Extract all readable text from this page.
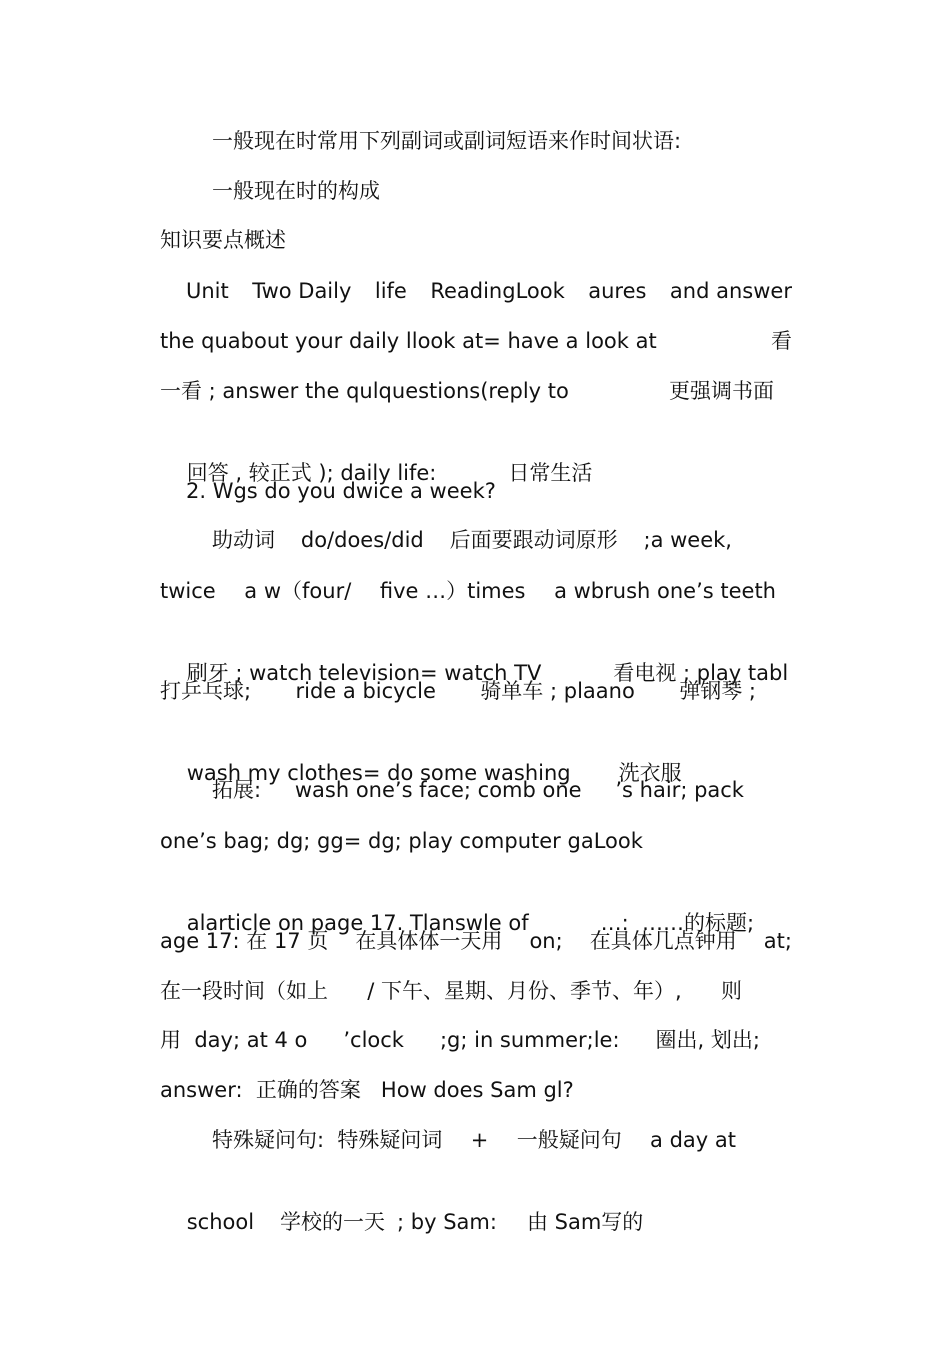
一般现在时常用下列副词或副词短语来作时间状语:
一般现在时的构成
知识要点概述
Unit Two Daily life ReadingLook aures and answer
the quabout your daily llook at= have a look at	看
一看 ; answer the qulquestions(reply to	更强调书面

回答 , 较正式 ); daily life:	日常生活

2. Wgs do you dwice a week?
助动词 do/does/did 后面要跟动词原形 ;a week,
twice a w（four/ five …）times a wbrush one’s teeth

刷牙 ; watch television= watch TV	看电视 ; play tabl

打乒乓球; ride a bicycle 骑单车 ; plaano 弹钢琴 ;

wash my clothes= do some washing 洗衣服

拓展: wash one’s face; comb one ’s hair; pack
one’s bag; dg; gg= dg; play computer gaLook

alarticle on page 17. Tlanswle of	…:  ……的标题;

age 17: 在 17 页 在具体体一天用 on; 在具体几点钟用 at;
在一段时间（如上 / 下午、星期、月份、季节、年）, 则
用  day; at 4 o ’clock ;g; in summer;le: 圈出, 划出;
answer:  正确的答案   How does Sam gl?
特殊疑问句:  特殊疑问词 + 一般疑问句 a day at

school 学校的一天 ; by Sam: 由 Sam写的
